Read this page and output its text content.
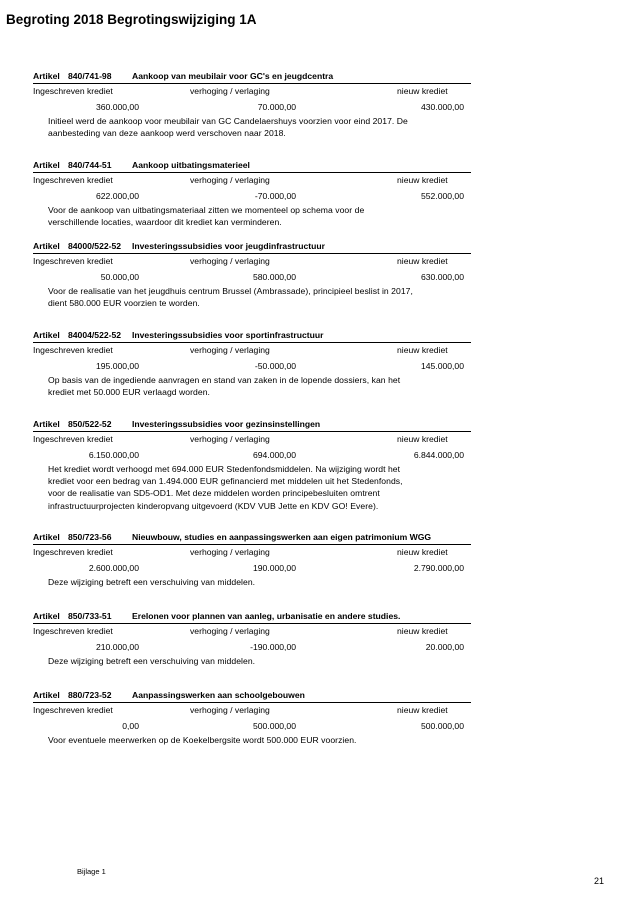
Begroting 2018 Begrotingswijziging 1A
Artikel 840/741-98 Aankoop van meubilair voor GC's en jeugdcentra
Ingeschreven krediet	verhoging / verlaging	nieuw krediet
360.000,00	70.000,00	430.000,00
Initieel werd de aankoop voor meubilair van GC Candelaershuys voorzien voor eind 2017. De
aanbesteding van deze aankoop werd verschoven naar 2018.
Artikel 840/744-51 Aankoop uitbatingsmaterieel
Ingeschreven krediet	verhoging / verlaging	nieuw krediet
622.000,00	-70.000,00	552.000,00
Voor de aankoop van uitbatingsmateriaal zitten we momenteel op schema voor de
verschillende locaties, waardoor dit krediet kan verminderen.
Artikel 84000/522-52 Investeringssubsidies voor jeugdinfrastructuur
Ingeschreven krediet	verhoging / verlaging	nieuw krediet
50.000,00	580.000,00	630.000,00
Voor de realisatie van het jeugdhuis centrum Brussel (Ambrassade), principieel beslist in 2017,
dient 580.000 EUR voorzien te worden.
Artikel 84004/522-52 Investeringssubsidies voor sportinfrastructuur
Ingeschreven krediet	verhoging / verlaging	nieuw krediet
195.000,00	-50.000,00	145.000,00
Op basis van de ingediende aanvragen en stand van zaken in de lopende dossiers, kan het
krediet met 50.000 EUR verlaagd worden.
Artikel 850/522-52 Investeringssubsidies voor gezinsinstellingen
Ingeschreven krediet	verhoging / verlaging	nieuw krediet
6.150.000,00	694.000,00	6.844.000,00
Het krediet wordt verhoogd met 694.000 EUR Stedenfondsmiddelen. Na wijziging wordt het
krediet voor een bedrag van 1.494.000 EUR gefinancierd met middelen uit het Stedenfonds,
voor de realisatie van SD5-OD1. Met deze middelen worden principebesluiten omtrent
infrastructuurprojecten kinderopvang uitgevoerd (KDV VUB Jette en KDV GO! Evere).
Artikel 850/723-56 Nieuwbouw, studies en aanpassingswerken aan eigen patrimonium WGG
Ingeschreven krediet	verhoging / verlaging	nieuw krediet
2.600.000,00	190.000,00	2.790.000,00
Deze wijziging betreft een verschuiving van middelen.
Artikel 850/733-51 Erelonen voor plannen van aanleg, urbanisatie en andere studies.
Ingeschreven krediet	verhoging / verlaging	nieuw krediet
210.000,00	-190.000,00	20.000,00
Deze wijziging betreft een verschuiving van middelen.
Artikel 880/723-52 Aanpassingswerken aan schoolgebouwen
Ingeschreven krediet	verhoging / verlaging	nieuw krediet
0,00	500.000,00	500.000,00
Voor eventuele meerwerken op de Koekelbergsite wordt 500.000 EUR voorzien.
Bijlage 1
21
